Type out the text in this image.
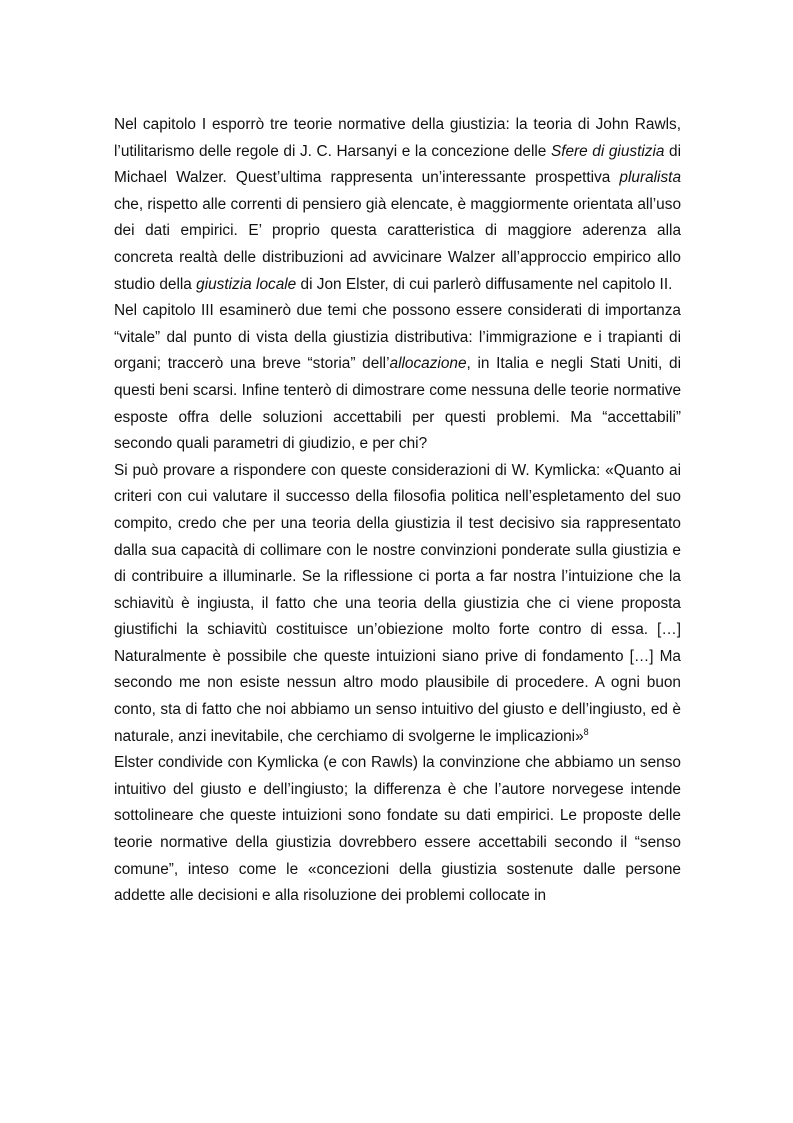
Nel capitolo I esporrò tre teorie normative della giustizia: la teoria di John Rawls, l’utilitarismo delle regole di J. C. Harsanyi e la concezione delle Sfere di giustizia di Michael Walzer. Quest’ultima rappresenta un’interessante prospettiva pluralista che, rispetto alle correnti di pensiero già elencate, è maggiormente orientata all’uso dei dati empirici. E’ proprio questa caratteristica di maggiore aderenza alla concreta realtà delle distribuzioni ad avvicinare Walzer all’approccio empirico allo studio della giustizia locale di Jon Elster, di cui parlerò diffusamente nel capitolo II.

Nel capitolo III esaminerò due temi che possono essere considerati di importanza “vitale” dal punto di vista della giustizia distributiva: l’immigrazione e i trapianti di organi; traccerò una breve “storia” dell’allocazione, in Italia e negli Stati Uniti, di questi beni scarsi. Infine tenterò di dimostrare come nessuna delle teorie normative esposte offra delle soluzioni accettabili per questi problemi. Ma “accettabili” secondo quali parametri di giudizio, e per chi?

Si può provare a rispondere con queste considerazioni di W. Kymlicka: «Quanto ai criteri con cui valutare il successo della filosofia politica nell’espletamento del suo compito, credo che per una teoria della giustizia il test decisivo sia rappresentato dalla sua capacità di collimare con le nostre convinzioni ponderate sulla giustizia e di contribuire a illuminarle. Se la riflessione ci porta a far nostra l’intuizione che la schiavitù è ingiusta, il fatto che una teoria della giustizia che ci viene proposta giustifichi la schiavitù costituisce un’obiezione molto forte contro di essa. […] Naturalmente è possibile che queste intuizioni siano prive di fondamento […] Ma secondo me non esiste nessun altro modo plausibile di procedere. A ogni buon conto, sta di fatto che noi abbiamo un senso intuitivo del giusto e dell’ingiusto, ed è naturale, anzi inevitabile, che cerchiamo di svolgerne le implicazioni»$^8$

Elster condivide con Kymlicka (e con Rawls) la convinzione che abbiamo un senso intuitivo del giusto e dell’ingiusto; la differenza è che l’autore norvegese intende sottolineare che queste intuizioni sono fondate su dati empirici. Le proposte delle teorie normative della giustizia dovrebbero essere accettabili secondo il “senso comune”, inteso come le «concezioni della giustizia sostenute dalle persone addette alle decisioni e alla risoluzione dei problemi collocate in
